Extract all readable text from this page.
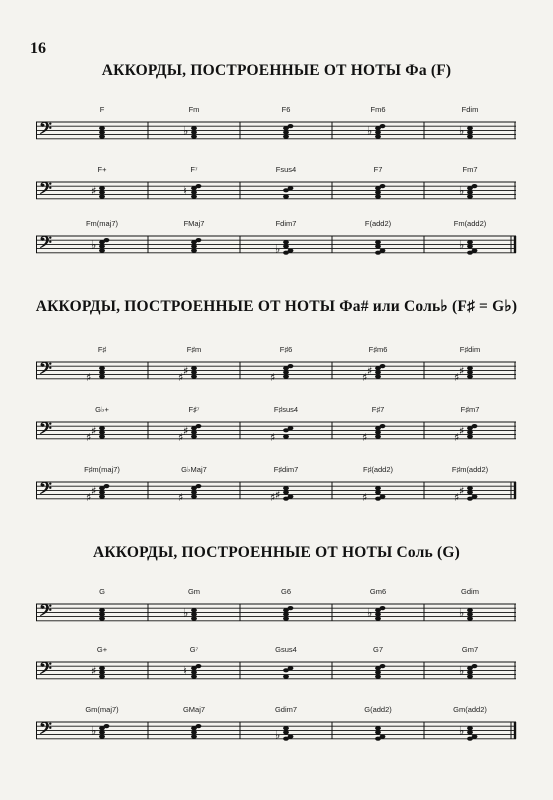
16
АККОРДЫ, ПОСТРОЕННЫЕ ОТ НОТЫ Фа (F)
АККОРДЫ, ПОСТРОЕННЫЕ ОТ НОТЫ Фа# или Соль♭ (F♯ = G♭)
АККОРДЫ, ПОСТРОЕННЫЕ ОТ НОТЫ Соль (G)
𝄢
F	Fm
♭
F6	Fm6
♭
Fdim
♭
𝄢
F+
♯
F⁷
♮
Fsus4	F7	Fm7
♭
𝄢
Fm(maj7)
♭
FMaj7	Fdim7
♭
F(add2)	Fm(add2)
♭
𝄢
F♯
♯
F♯m
♯
♯
F♯6
♯
F♯m6
♯
♯
F♯dim
♯
♯
𝄢
G♭+
♯
♯
F♯⁷
♯
♯
F♯sus4
♯
F♯7
♯
F♯m7
♯
♯
𝄢
F♯m(maj7)
♯
♯
G♭Maj7
♯
F♯dim7
♯
♯
F♯(add2)
♯
F♯m(add2)
♯
♯
𝄢
G	Gm
♭
G6	Gm6
♭
Gdim
♭
𝄢
G+
♯
G⁷
♮
Gsus4	G7	Gm7
♭
𝄢
Gm(maj7)
♭
GMaj7	Gdim7
♭
G(add2)	Gm(add2)
♭
